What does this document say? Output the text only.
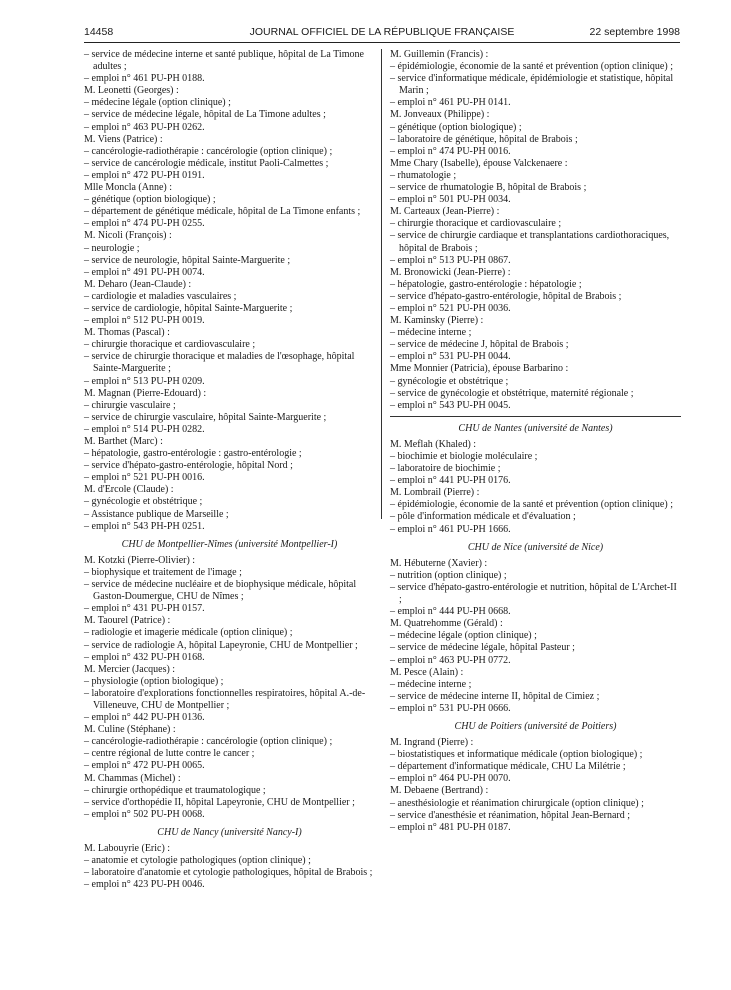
14458	JOURNAL OFFICIEL DE LA RÉPUBLIQUE FRANÇAISE	22 septembre 1998

– service de médecine interne et santé publique, hôpital de La Timone adultes ;

– emploi n° 461 PU-PH 0188.

M. Leonetti (Georges) :

– médecine légale (option clinique) ;

– service de médecine légale, hôpital de La Timone adultes ;

– emploi n° 463 PU-PH 0262.

M. Viens (Patrice) :

– cancérologie-radiothérapie : cancérologie (option clinique) ;

– service de cancérologie médicale, institut Paoli-Calmettes ;

– emploi n° 472 PU-PH 0191.

Mlle Moncla (Anne) :

– génétique (option biologique) ;

– département de génétique médicale, hôpital de La Timone enfants ;

– emploi n° 474 PU-PH 0255.

M. Nicoli (François) :

– neurologie ;

– service de neurologie, hôpital Sainte-Marguerite ;

– emploi n° 491 PU-PH 0074.

M. Deharo (Jean-Claude) :

– cardiologie et maladies vasculaires ;

– service de cardiologie, hôpital Sainte-Marguerite ;

– emploi n° 512 PU-PH 0019.

M. Thomas (Pascal) :

– chirurgie thoracique et cardiovasculaire ;

– service de chirurgie thoracique et maladies de l'œsophage, hôpital Sainte-Marguerite ;

– emploi n° 513 PU-PH 0209.

M. Magnan (Pierre-Edouard) :

– chirurgie vasculaire ;

– service de chirurgie vasculaire, hôpital Sainte-Marguerite ;

– emploi n° 514 PU-PH 0282.

M. Barthet (Marc) :

– hépatologie, gastro-entérologie : gastro-entérologie ;

– service d'hépato-gastro-entérologie, hôpital Nord ;

– emploi n° 521 PU-PH 0016.

M. d'Ercole (Claude) :

– gynécologie et obstétrique ;

– Assistance publique de Marseille ;

– emploi n° 543 PH-PH 0251.

CHU de Montpellier-Nîmes (université Montpellier-I)

M. Kotzki (Pierre-Olivier) :

– biophysique et traitement de l'image ;

– service de médecine nucléaire et de biophysique médicale, hôpital Gaston-Doumergue, CHU de Nîmes ;

– emploi n° 431 PU-PH 0157.

M. Taourel (Patrice) :

– radiologie et imagerie médicale (option clinique) ;

– service de radiologie A, hôpital Lapeyronie, CHU de Montpellier ;

– emploi n° 432 PU-PH 0168.

M. Mercier (Jacques) :

– physiologie (option biologique) ;

– laboratoire d'explorations fonctionnelles respiratoires, hôpital A.-de-Villeneuve, CHU de Montpellier ;

– emploi n° 442 PU-PH 0136.

M. Culine (Stéphane) :

– cancérologie-radiothérapie : cancérologie (option clinique) ;

– centre régional de lutte contre le cancer ;

– emploi n° 472 PU-PH 0065.

M. Chammas (Michel) :

– chirurgie orthopédique et traumatologique ;

– service d'orthopédie II, hôpital Lapeyronie, CHU de Montpellier ;

– emploi n° 502 PU-PH 0068.

CHU de Nancy (université Nancy-I)

M. Labouyrie (Eric) :

– anatomie et cytologie pathologiques (option clinique) ;

– laboratoire d'anatomie et cytologie pathologiques, hôpital de Brabois ;

– emploi n° 423 PU-PH 0046.

M. Guillemin (Francis) :

– épidémiologie, économie de la santé et prévention (option clinique) ;

– service d'informatique médicale, épidémiologie et statistique, hôpital Marin ;

– emploi n° 461 PU-PH 0141.

M. Jonveaux (Philippe) :

– génétique (option biologique) ;

– laboratoire de génétique, hôpital de Brabois ;

– emploi n° 474 PU-PH 0016.

Mme Chary (Isabelle), épouse Valckenaere :

– rhumatologie ;

– service de rhumatologie B, hôpital de Brabois ;

– emploi n° 501 PU-PH 0034.

M. Carteaux (Jean-Pierre) :

– chirurgie thoracique et cardiovasculaire ;

– service de chirurgie cardiaque et transplantations cardiothoraciques, hôpital de Brabois ;

– emploi n° 513 PU-PH 0867.

M. Bronowicki (Jean-Pierre) :

– hépatologie, gastro-entérologie : hépatologie ;

– service d'hépato-gastro-entérologie, hôpital de Brabois ;

– emploi n° 521 PU-PH 0036.

M. Kaminsky (Pierre) :

– médecine interne ;

– service de médecine J, hôpital de Brabois ;

– emploi n° 531 PU-PH 0044.

Mme Monnier (Patricia), épouse Barbarino :

– gynécologie et obstétrique ;

– service de gynécologie et obstétrique, maternité régionale ;

– emploi n° 543 PU-PH 0045.

CHU de Nantes (université de Nantes)

M. Meflah (Khaled) :

– biochimie et biologie moléculaire ;

– laboratoire de biochimie ;

– emploi n° 441 PU-PH 0176.

M. Lombrail (Pierre) :

– épidémiologie, économie de la santé et prévention (option clinique) ;

– pôle d'information médicale et d'évaluation ;

– emploi n° 461 PU-PH 1666.

CHU de Nice (université de Nice)

M. Hébuterne (Xavier) :

– nutrition (option clinique) ;

– service d'hépato-gastro-entérologie et nutrition, hôpital de L'Archet-II ;

– emploi n° 444 PU-PH 0668.

M. Quatrehomme (Gérald) :

– médecine légale (option clinique) ;

– service de médecine légale, hôpital Pasteur ;

– emploi n° 463 PU-PH 0772.

M. Pesce (Alain) :

– médecine interne ;

– service de médecine interne II, hôpital de Cimiez ;

– emploi n° 531 PU-PH 0666.

CHU de Poitiers (université de Poitiers)

M. Ingrand (Pierre) :

– biostatistiques et informatique médicale (option biologique) ;

– département d'informatique médicale, CHU La Milétrie ;

– emploi n° 464 PU-PH 0070.

M. Debaene (Bertrand) :

– anesthésiologie et réanimation chirurgicale (option clinique) ;

– service d'anesthésie et réanimation, hôpital Jean-Bernard ;

– emploi n° 481 PU-PH 0187.
